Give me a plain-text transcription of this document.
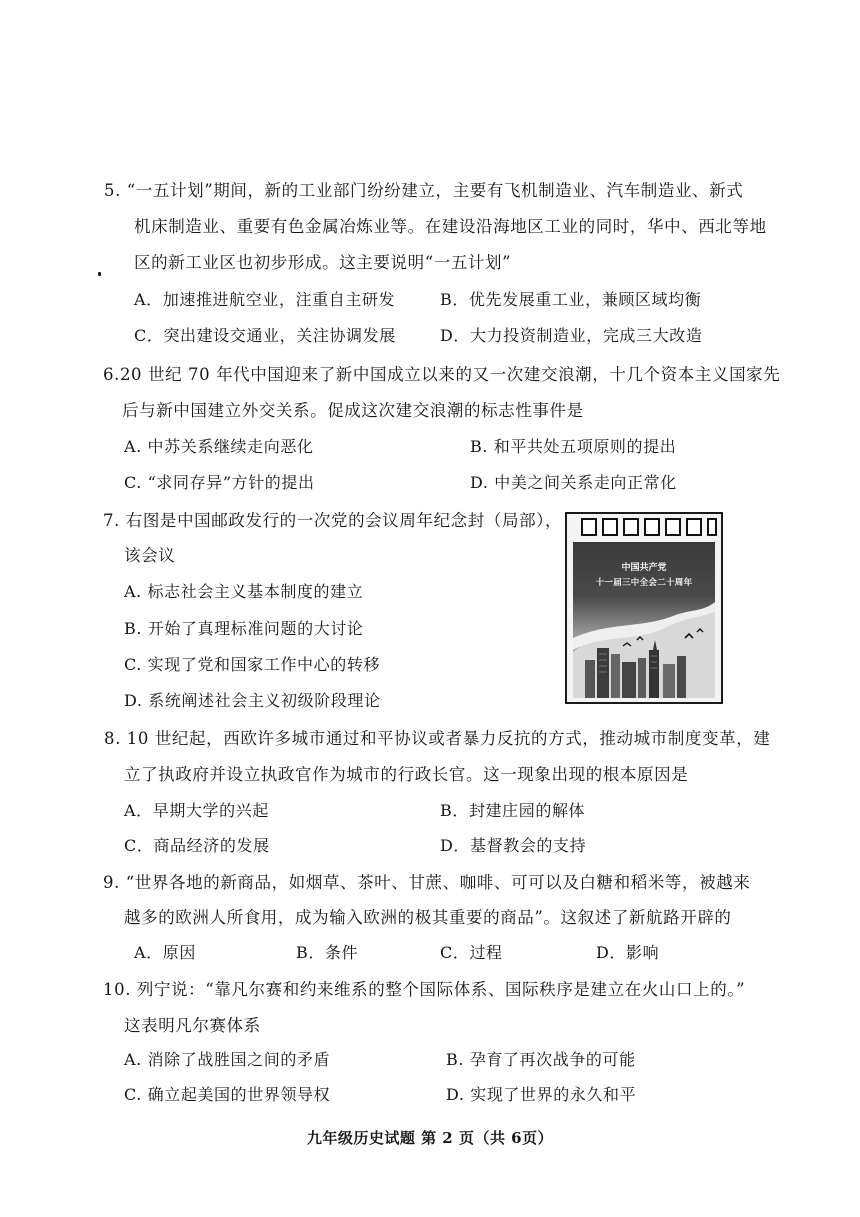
5. “一五计划”期间，新的工业部门纷纷建立，主要有飞机制造业、汽车制造业、新式
机床制造业、重要有色金属冶炼业等。在建设沿海地区工业的同时，华中、西北等地
区的新工业区也初步形成。这主要说明“一五计划”
A．加速推进航空业，注重自主研发	B．优先发展重工业，兼顾区域均衡
C．突出建设交通业，关注协调发展	D．大力投资制造业，完成三大改造
6.20 世纪 70 年代中国迎来了新中国成立以来的又一次建交浪潮，十几个资本主义国家先
后与新中国建立外交关系。促成这次建交浪潮的标志性事件是
A. 中苏关系继续走向恶化	B. 和平共处五项原则的提出
C. “求同存异”方针的提出	D. 中美之间关系走向正常化
7. 右图是中国邮政发行的一次党的会议周年纪念封（局部），
该会议
A. 标志社会主义基本制度的建立
B. 开始了真理标准问题的大讨论
C. 实现了党和国家工作中心的转移
D. 系统阐述社会主义初级阶段理论
中国共产党
十一届三中全会二十周年
8. 10 世纪起，西欧许多城市通过和平协议或者暴力反抗的方式，推动城市制度变革，建
立了执政府并设立执政官作为城市的行政长官。这一现象出现的根本原因是
A．早期大学的兴起	B．封建庄园的解体
C．商品经济的发展	D．基督教会的支持
9. “世界各地的新商品，如烟草、茶叶、甘蔗、咖啡、可可以及白糖和稻米等，被越来
越多的欧洲人所食用，成为输入欧洲的极其重要的商品”。这叙述了新航路开辟的
A．原因	B．条件	C．过程	D．影响
10. 列宁说：“靠凡尔赛和约来维系的整个国际体系、国际秩序是建立在火山口上的。”
这表明凡尔赛体系
A. 消除了战胜国之间的矛盾	B. 孕育了再次战争的可能
C. 确立起美国的世界领导权	D. 实现了世界的永久和平
九年级历史试题 第 2 页（共 6页）
